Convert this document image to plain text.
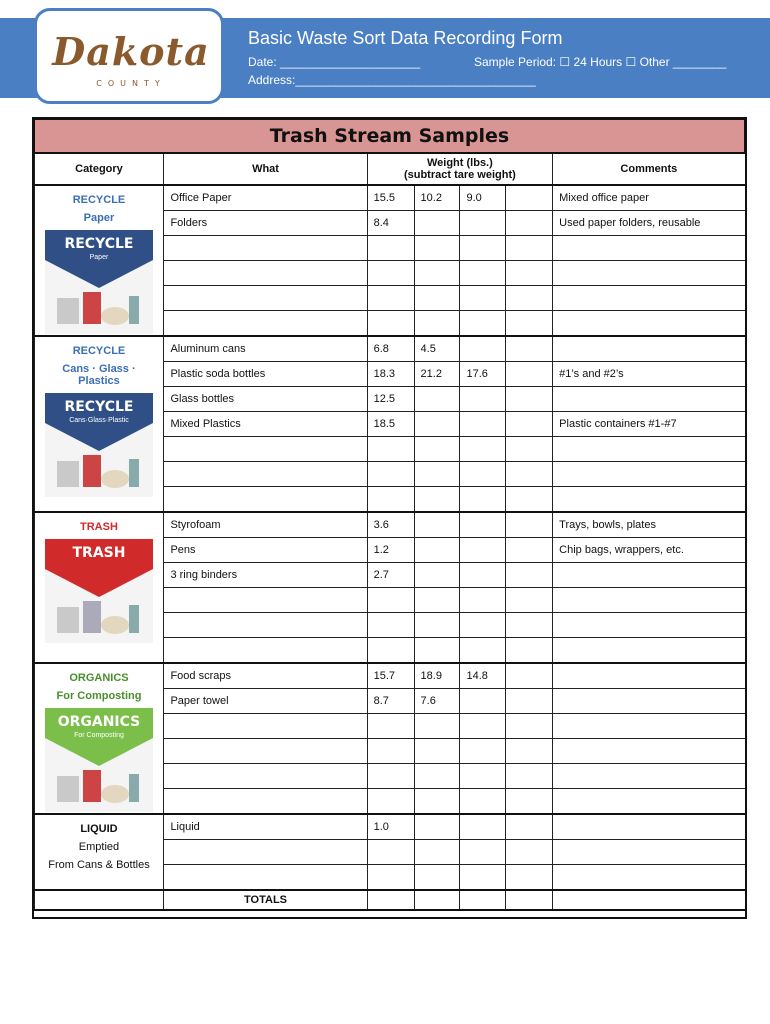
Dakota
COUNTY
Basic Waste Sort Data Recording Form
Date: _____________________	Sample Period: ☐ 24 Hours ☐ Other ________
Address:____________________________________
Trash Stream Samples						
Category	What	Weight (lbs.)
(subtract tare weight)				Comments

RECYCLE
Paper
RECYCLE
Paper	Office Paper	15.5	10.2	9.0		Mixed office paper
	Folders	8.4				Used paper folders, reusable

RECYCLE
Cans · Glass · Plastics
RECYCLE
Cans·Glass·Plastic	Aluminum cans	6.8	4.5			
	Plastic soda bottles	18.3	21.2	17.6		#1’s and #2’s
	Glass bottles	12.5				
	Mixed Plastics	18.5				Plastic containers #1-#7

TRASH
TRASH	Styrofoam	3.6				Trays, bowls, plates
	Pens	1.2				Chip bags, wrappers, etc.
	3 ring binders	2.7				

ORGANICS
For Composting
ORGANICS
For Composting	Food scraps	15.7	18.9	14.8		
	Paper towel	8.7	7.6			

LIQUID
Emptied
From Cans & Bottles	Liquid	1.0				

	TOTALS					
